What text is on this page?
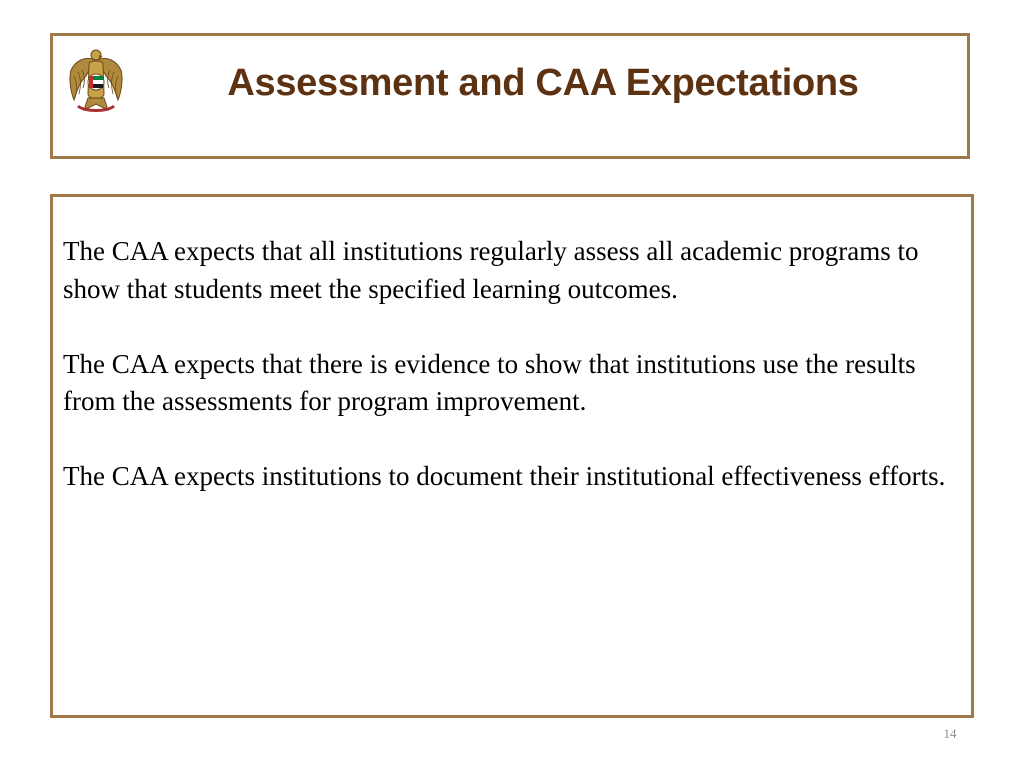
Assessment and CAA Expectations

The CAA expects that all institutions regularly assess all academic programs to show that students meet the specified learning outcomes.

The CAA expects that there is evidence to show that institutions use the results from the assessments for program improvement.

The CAA expects institutions to document their institutional effectiveness efforts.

14
